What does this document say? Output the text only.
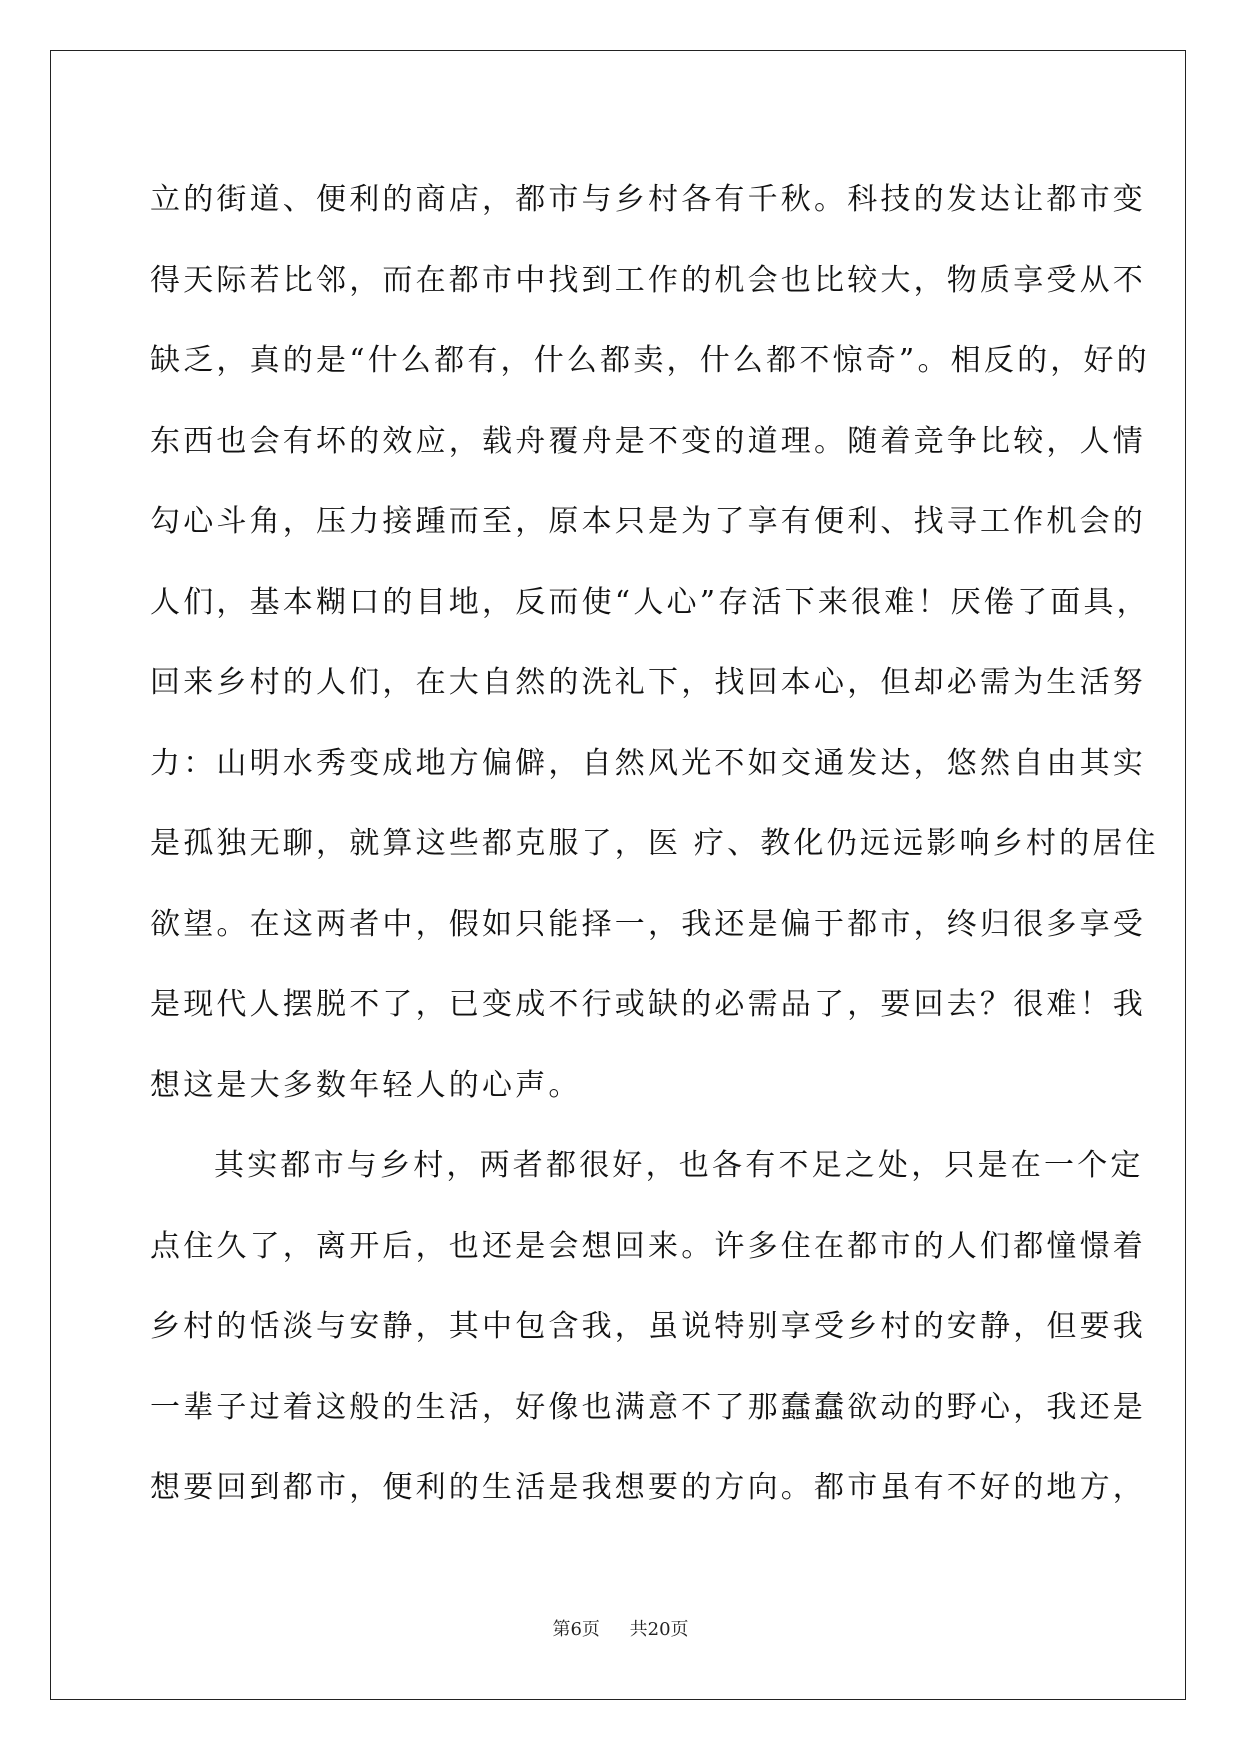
立的街道、便利的商店，都市与乡村各有千秋。科技的发达让都市变
得天际若比邻，而在都市中找到工作的机会也比较大，物质享受从不
缺乏，真的是“什么都有，什么都卖，什么都不惊奇”。相反的，好的
东西也会有坏的效应，载舟覆舟是不变的道理。随着竞争比较，人情
勾心斗角，压力接踵而至，原本只是为了享有便利、找寻工作机会的
人们，基本糊口的目地，反而使“人心”存活下来很难！厌倦了面具，
回来乡村的人们，在大自然的洗礼下，找回本心，但却必需为生活努
力：山明水秀变成地方偏僻，自然风光不如交通发达，悠然自由其实
是孤独无聊，就算这些都克服了，医 疗、教化仍远远影响乡村的居住
欲望。在这两者中，假如只能择一，我还是偏于都市，终归很多享受
是现代人摆脱不了，已变成不行或缺的必需品了，要回去？很难！我
想这是大多数年轻人的心声。
其实都市与乡村，两者都很好，也各有不足之处，只是在一个定
点住久了，离开后，也还是会想回来。许多住在都市的人们都憧憬着
乡村的恬淡与安静，其中包含我，虽说特别享受乡村的安静，但要我
一辈子过着这般的生活，好像也满意不了那蠢蠢欲动的野心，我还是
想要回到都市，便利的生活是我想要的方向。都市虽有不好的地方，
第6页 共20页
